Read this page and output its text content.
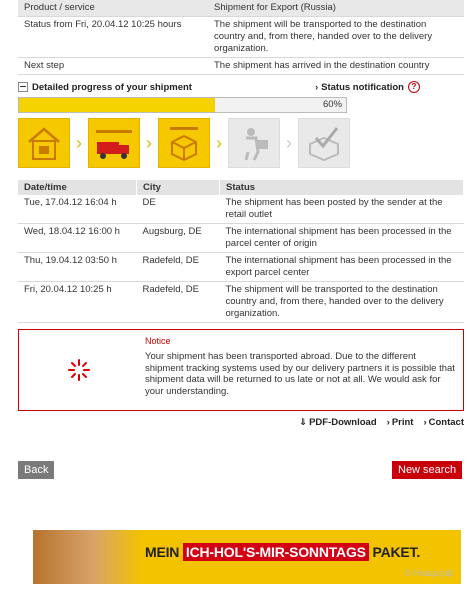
Product / service	Shipment for Export (Russia)
Status from Fri, 20.04.12 10:25 hours	The shipment will be transported to the destination country and, from there, handed over to the delivery organization.
Next step	The shipment has arrived in the destination country
Detailed progress of your shipment	› Status notification ?
60%
›	›	›	›
Date/time	City	Status
Tue, 17.04.12 16:04 h	DE	The shipment has been posted by the sender at the retail outlet
Wed, 18.04.12 16:00 h	Augsburg, DE	The international shipment has been processed in the parcel center of origin
Thu, 19.04.12 03:50 h	Radefeld, DE	The international shipment has been processed in the export parcel center
Fri, 20.04.12 10:25 h	Radefeld, DE	The shipment will be transported to the destination country and, from there, handed over to the delivery organization.
Notice
Your shipment has been transported abroad. Due to the different shipment tracking systems used by our delivery partners it is possible that shipment data will be returned to us late or not at all. We would ask for your understanding.
⇓ PDF-Download › Print › Contact
Back	New search
MEIN ICH-HOL'S-MIR-SONNTAGS PAKET.
© Нища.рф
